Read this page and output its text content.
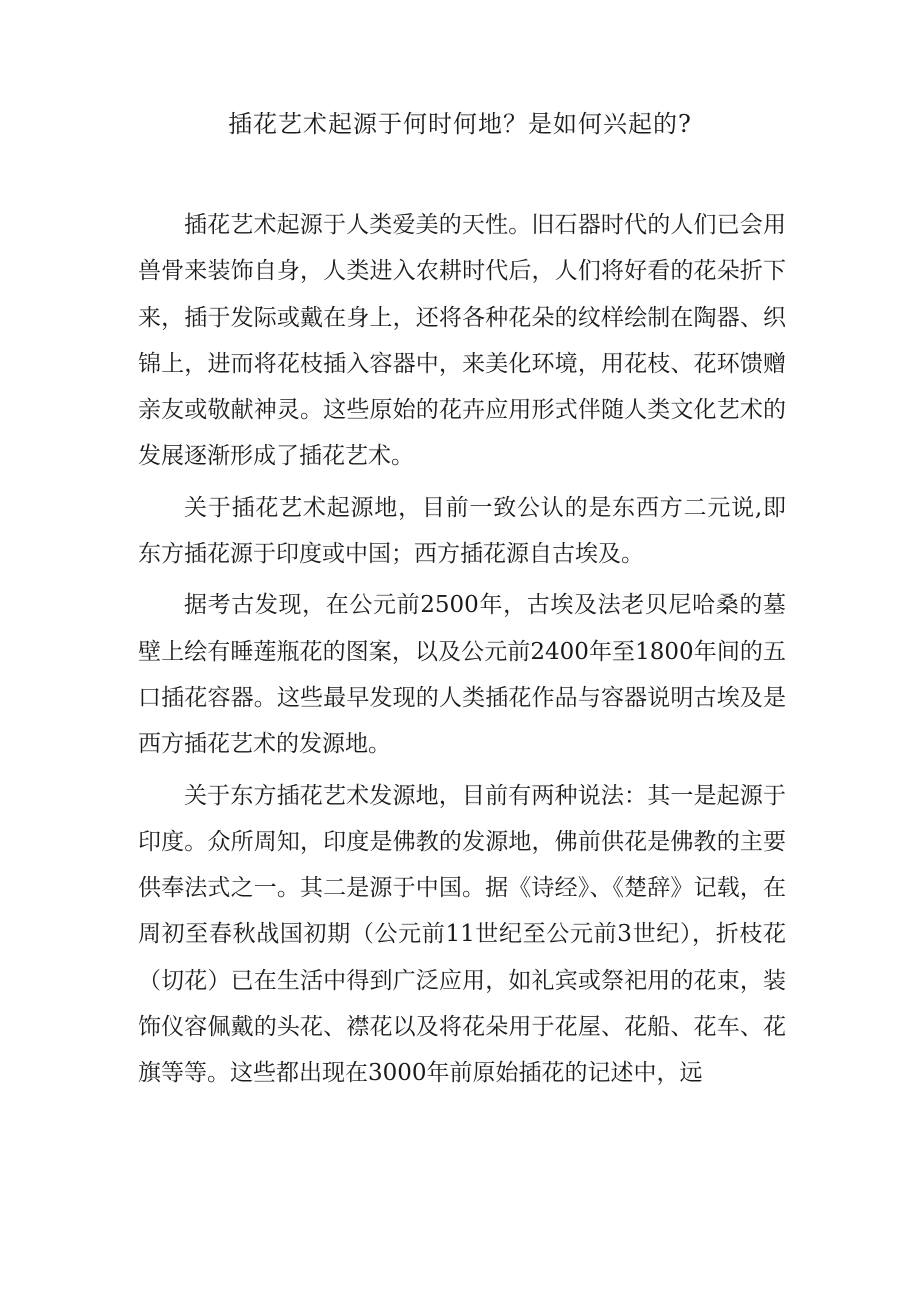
插花艺术起源于何时何地？是如何兴起的?

插花艺术起源于人类爱美的天性。旧石器时代的人们已会用兽骨来装饰自身，人类进入农耕时代后，人们将好看的花朵折下来，插于发际或戴在身上，还将各种花朵的纹样绘制在陶器、织锦上，进而将花枝插入容器中，来美化环境，用花枝、花环馈赠亲友或敬献神灵。这些原始的花卉应用形式伴随人类文化艺术的发展逐渐形成了插花艺术。

关于插花艺术起源地，目前一致公认的是东西方二元说,即东方插花源于印度或中国；西方插花源自古埃及。

据考古发现，在公元前2500年，古埃及法老贝尼哈桑的墓壁上绘有睡莲瓶花的图案，以及公元前2400年至1800年间的五口插花容器。这些最早发现的人类插花作品与容器说明古埃及是西方插花艺术的发源地。

关于东方插花艺术发源地，目前有两种说法：其一是起源于印度。众所周知，印度是佛教的发源地，佛前供花是佛教的主要供奉法式之一。其二是源于中国。据《诗经》、《楚辞》记载，在周初至春秋战国初期（公元前11世纪至公元前3世纪），折枝花（切花）已在生活中得到广泛应用，如礼宾或祭祀用的花束，装饰仪容佩戴的头花、襟花以及将花朵用于花屋、花船、花车、花旗等等。这些都出现在3000年前原始插花的记述中，远
